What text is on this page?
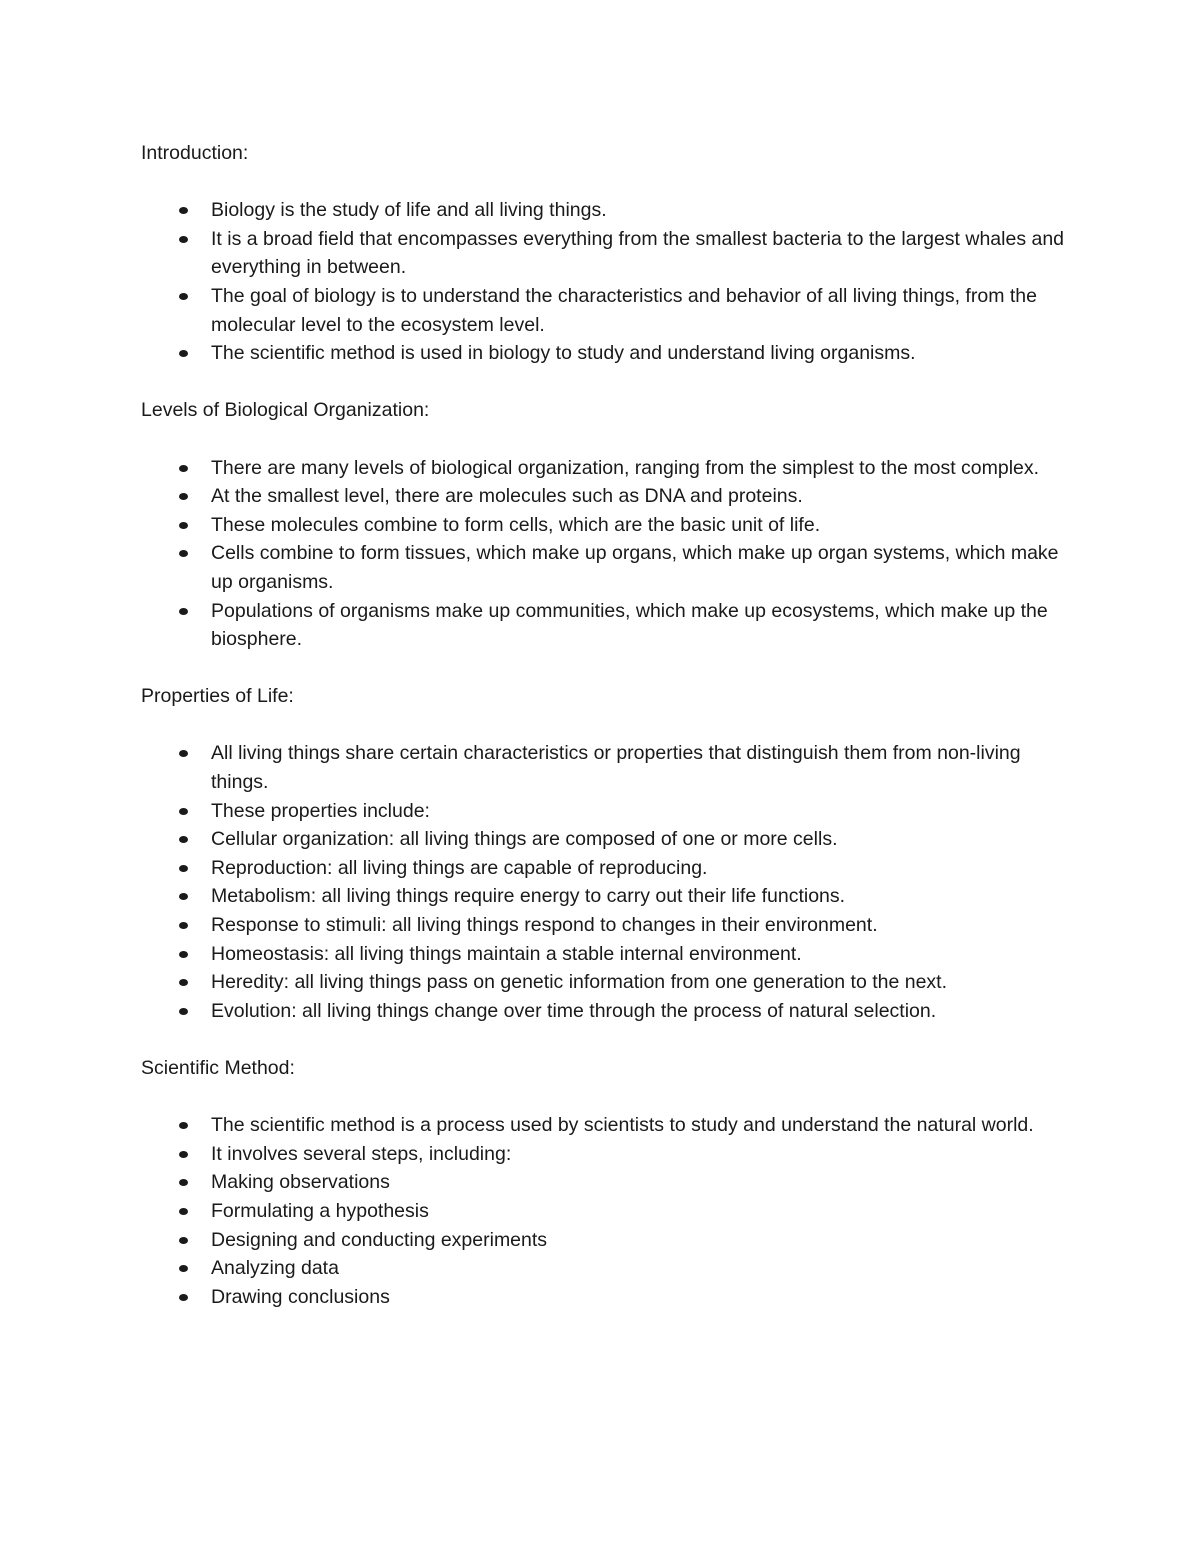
Introduction:
Biology is the study of life and all living things.
It is a broad field that encompasses everything from the smallest bacteria to the largest whales and everything in between.
The goal of biology is to understand the characteristics and behavior of all living things, from the molecular level to the ecosystem level.
The scientific method is used in biology to study and understand living organisms.
Levels of Biological Organization:
There are many levels of biological organization, ranging from the simplest to the most complex.
At the smallest level, there are molecules such as DNA and proteins.
These molecules combine to form cells, which are the basic unit of life.
Cells combine to form tissues, which make up organs, which make up organ systems, which make up organisms.
Populations of organisms make up communities, which make up ecosystems, which make up the biosphere.
Properties of Life:
All living things share certain characteristics or properties that distinguish them from non-living things.
These properties include:
Cellular organization: all living things are composed of one or more cells.
Reproduction: all living things are capable of reproducing.
Metabolism: all living things require energy to carry out their life functions.
Response to stimuli: all living things respond to changes in their environment.
Homeostasis: all living things maintain a stable internal environment.
Heredity: all living things pass on genetic information from one generation to the next.
Evolution: all living things change over time through the process of natural selection.
Scientific Method:
The scientific method is a process used by scientists to study and understand the natural world.
It involves several steps, including:
Making observations
Formulating a hypothesis
Designing and conducting experiments
Analyzing data
Drawing conclusions
